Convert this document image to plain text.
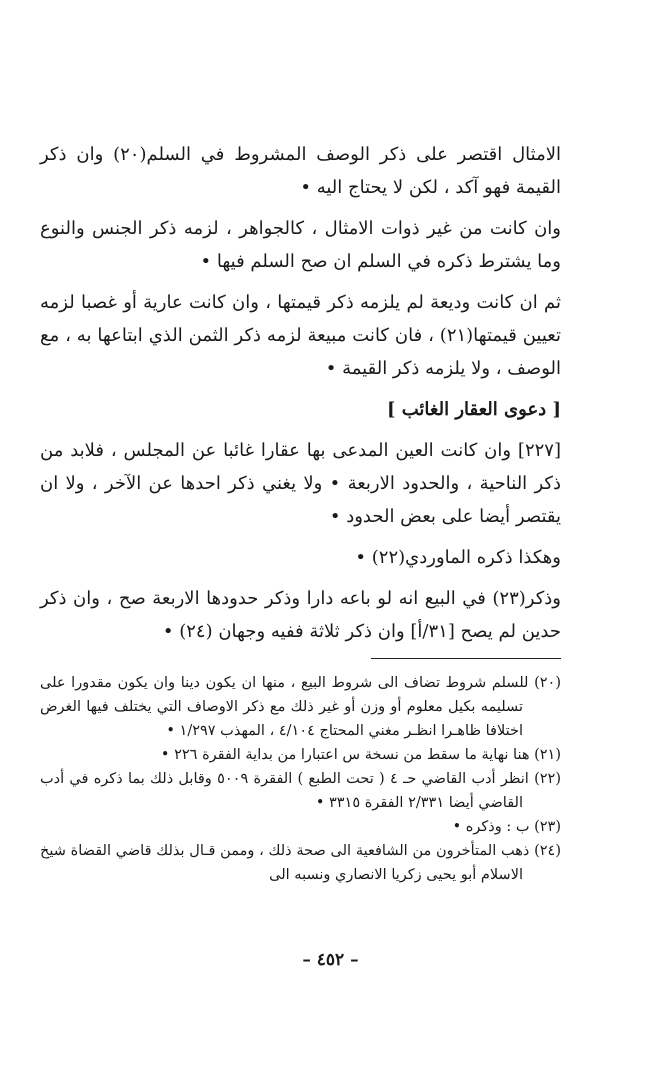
الامثال اقتصر على ذكر الوصف المشروط في السلم(٢٠) وان ذكر القيمة فهو آكد ، لكن لا يحتاج اليه •

وان كانت من غير ذوات الامثال ، كالجواهر ، لزمه ذكر الجنس والنوع وما يشترط ذكره في السلم ان صح السلم فيها •

ثم ان كانت وديعة لم يلزمه ذكر قيمتها ، وان كانت عارية أو غصبا لزمه تعيين قيمتها(٢١) ، فان كانت مبيعة لزمه ذكر الثمن الذي ابتاعها به ، مع الوصف ، ولا يلزمه ذكر القيمة •

[ دعوى العقار الغائب ]

[٢٢٧] وان كانت العين المدعى بها عقارا غائبا عن المجلس ، فلابد من ذكر الناحية ، والحدود الاربعة • ولا يغني ذكر احدها عن الآخر ، ولا ان يقتصر أيضا على بعض الحدود •

وهكذا ذكره الماوردي(٢٢) •

وذكر(٢٣) في البيع انه لو باعه دارا وذكر حدودها الاربعة صح ، وان ذكر حدين لم يصح [٣١/أ] وان ذكر ثلاثة ففيه وجهان (٢٤) •

(٢٠) للسلم شروط تضاف الى شروط البيع ، منها ان يكون دينا وان يكون مقدورا على تسليمه بكيل معلوم أو وزن أو غير ذلك مع ذكر الاوصاف التي يختلف فيها الغرض اختلافا ظاهـرا انظـر مغني المحتاج ٤/١٠٤ ، المهذب ١/٢٩٧ •

(٢١) هنا نهاية ما سقط من نسخة س اعتبارا من بداية الفقرة ٢٢٦ •

(٢٢) انظر أدب القاضي حـ ٤ ( تحت الطبع ) الفقرة ٥٠٠٩ وقابل ذلك بما ذكره في أدب القاضي أيضا ٢/٣٣١ الفقرة ٣٣١٥ •

(٢٣) ب : وذكره •

(٢٤) ذهب المتأخرون من الشافعية الى صحة ذلك ، وممن قـال بذلك قاضي القضاة شيخ الاسلام أبو يحيى زكريا الانصاري ونسبه الى

– ٤٥٢ –
